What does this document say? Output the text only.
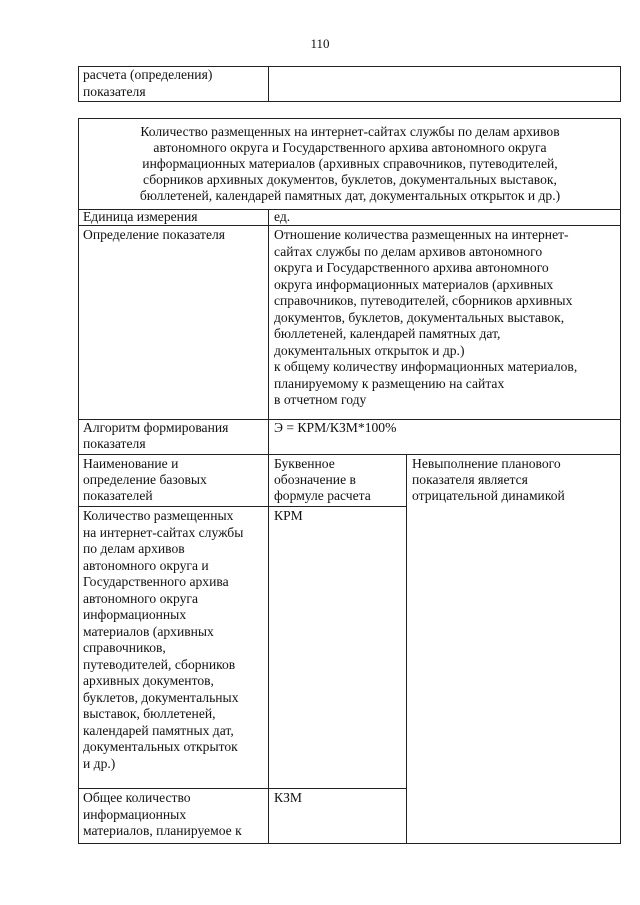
110
расчета (определения)
показателя
Количество размещенных на интернет-сайтах службы по делам архивов
автономного округа и Государственного архива автономного округа
информационных материалов (архивных справочников, путеводителей,
сборников архивных документов, буклетов, документальных выставок,
бюллетеней, календарей памятных дат, документальных открыток и др.)
Единица измерения	ед.
Определение показателя	Отношение количества размещенных на интернет-
сайтах службы по делам архивов автономного
округа и Государственного архива автономного
округа информационных материалов (архивных
справочников, путеводителей, сборников архивных
документов, буклетов, документальных выставок,
бюллетеней, календарей памятных дат,
документальных открыток и др.)
к общему количеству информационных материалов,
планируемому к размещению на сайтах
в отчетном году
Алгоритм формирования
показателя
Э = КРМ/КЗМ*100%
Наименование и
определение базовых
показателей
Буквенное
обозначение в
формуле расчета
Невыполнение планового
показателя является
отрицательной динамикой
Количество размещенных
на интернет-сайтах службы
по делам архивов
автономного округа и
Государственного архива
автономного округа
информационных
материалов (архивных
справочников,
путеводителей, сборников
архивных документов,
буклетов, документальных
выставок, бюллетеней,
календарей памятных дат,
документальных открыток
и др.)
КРМ
Общее количество
информационных
материалов, планируемое к
КЗМ
